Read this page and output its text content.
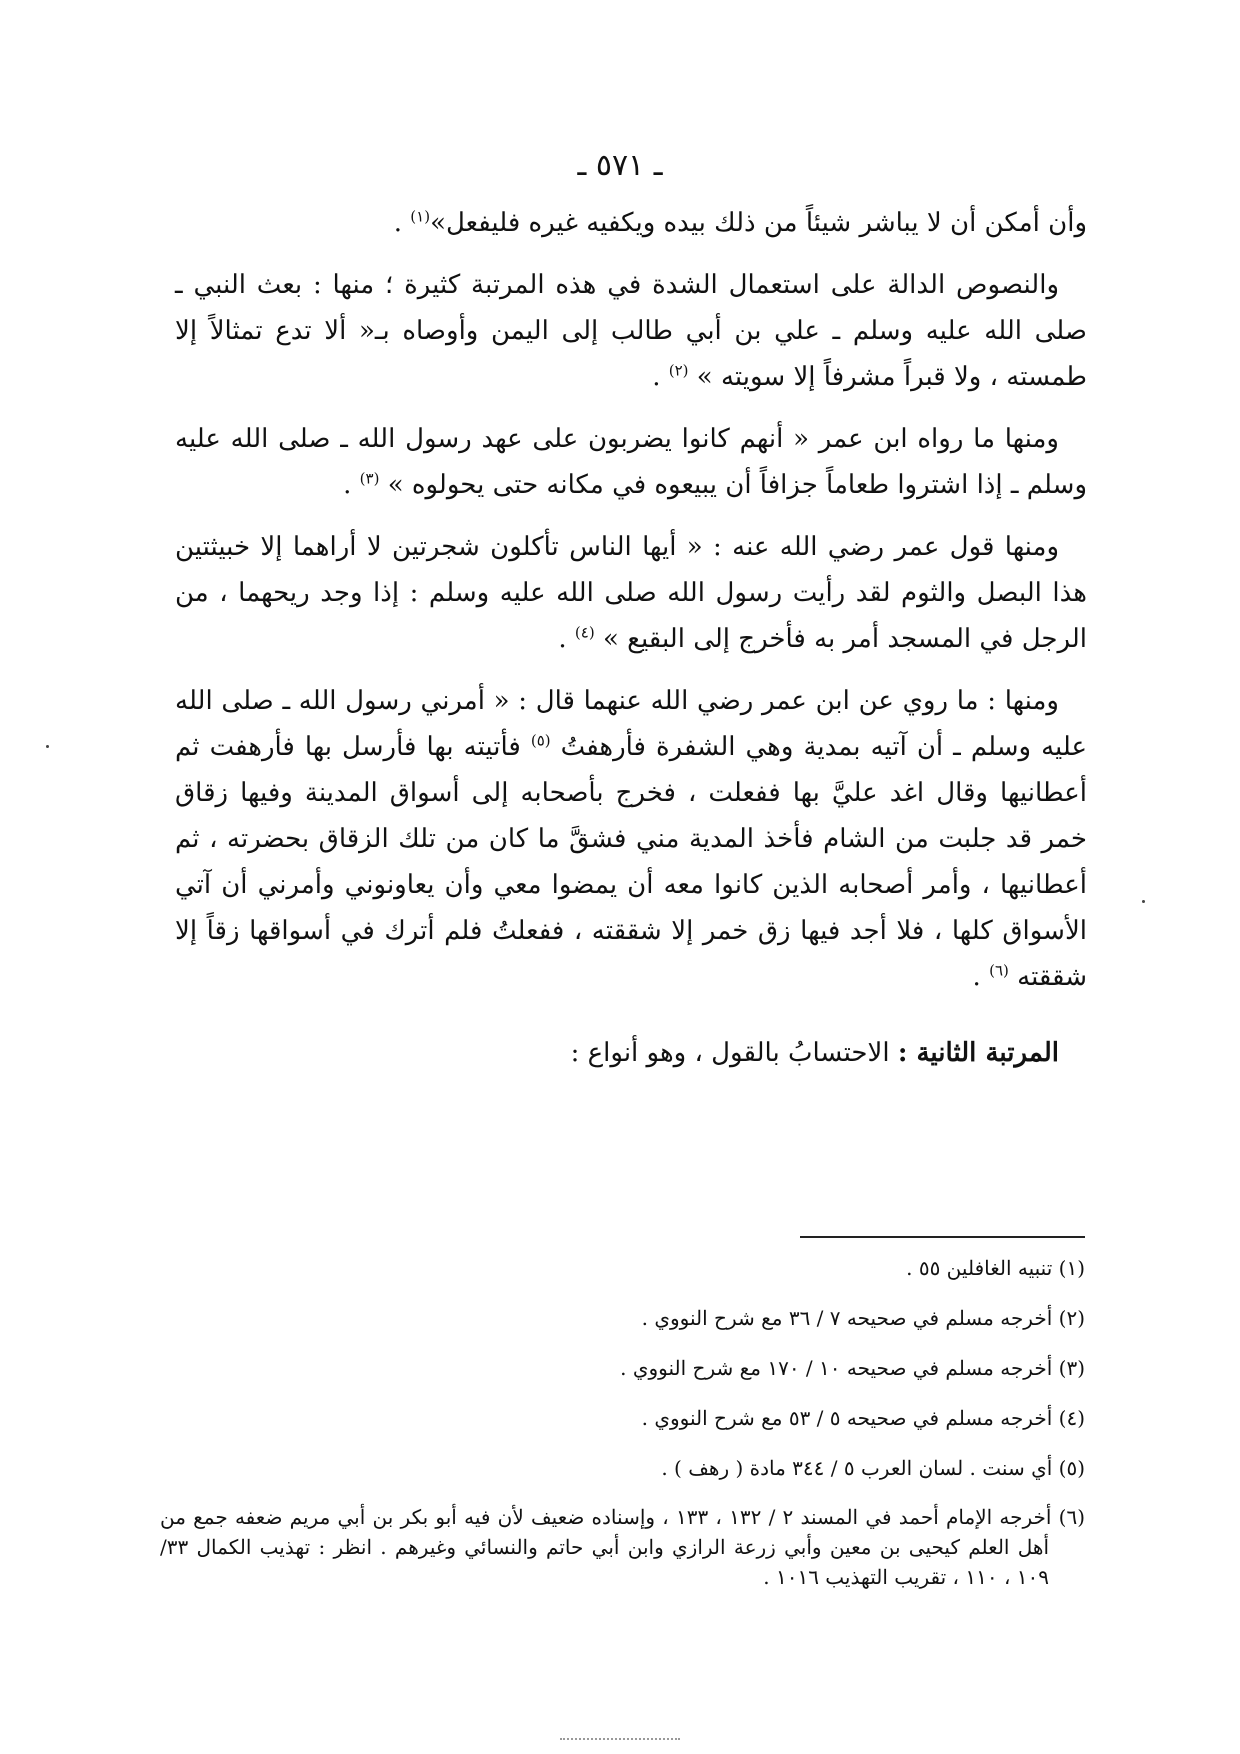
ـ ٥٧١ ـ

وأن أمكن أن لا يباشر شيئاً من ذلك بيده ويكفيه غيره فليفعل»$^{(١)}$ .

والنصوص الدالة على استعمال الشدة في هذه المرتبة كثيرة ؛ منها : بعث النبي ـ صلى الله عليه وسلم ـ علي بن أبي طالب إلى اليمن وأوصاه بـ« ألا تدع تمثالاً إلا طمسته ، ولا قبراً مشرفاً إلا سويته » $^{(٢)}$ .

ومنها ما رواه ابن عمر « أنهم كانوا يضربون على عهد رسول الله ـ صلى الله عليه وسلم ـ إذا اشتروا طعاماً جزافاً أن يبيعوه في مكانه حتى يحولوه » $^{(٣)}$ .

ومنها قول عمر رضي الله عنه : « أيها الناس تأكلون شجرتين لا أراهما إلا خبيثتين هذا البصل والثوم لقد رأيت رسول الله صلى الله عليه وسلم : إذا وجد ريحهما ، من الرجل في المسجد أمر به فأخرج إلى البقيع » $^{(٤)}$ .

ومنها : ما روي عن ابن عمر رضي الله عنهما قال : « أمرني رسول الله ـ صلى الله عليه وسلم ـ أن آتيه بمدية وهي الشفرة فأرهفتُ $^{(٥)}$ فأتيته بها فأرسل بها فأرهفت ثم أعطانيها وقال اغد عليَّ بها ففعلت ، فخرج بأصحابه إلى أسواق المدينة وفيها زقاق خمر قد جلبت من الشام فأخذ المدية مني فشقَّ ما كان من تلك الزقاق بحضرته ، ثم أعطانيها ، وأمر أصحابه الذين كانوا معه أن يمضوا معي وأن يعاونوني وأمرني أن آتي الأسواق كلها ، فلا أجد فيها زق خمر إلا شققته ، ففعلتُ فلم أترك في أسواقها زقاً إلا شققته $^{(٦)}$ .

المرتبة الثانية : الاحتسابُ بالقول ، وهو أنواع :

(١) تنبيه الغافلين ٥٥ .
(٢) أخرجه مسلم في صحيحه ٧ / ٣٦ مع شرح النووي .
(٣) أخرجه مسلم في صحيحه ١٠ / ١٧٠ مع شرح النووي .
(٤) أخرجه مسلم في صحيحه ٥ / ٥٣ مع شرح النووي .
(٥) أي سنت . لسان العرب ٥ / ٣٤٤ مادة ( رهف ) .
(٦) أخرجه الإمام أحمد في المسند ٢ / ١٣٢ ، ١٣٣ ، وإسناده ضعيف لأن فيه أبو بكر بن أبي مريم ضعفه جمع من أهل العلم كيحيى بن معين وأبي زرعة الرازي وابن أبي حاتم والنسائي وغيرهم . انظر : تهذيب الكمال ٣٣/ ١٠٩ ، ١١٠ ، تقريب التهذيب ١٠١٦ .
